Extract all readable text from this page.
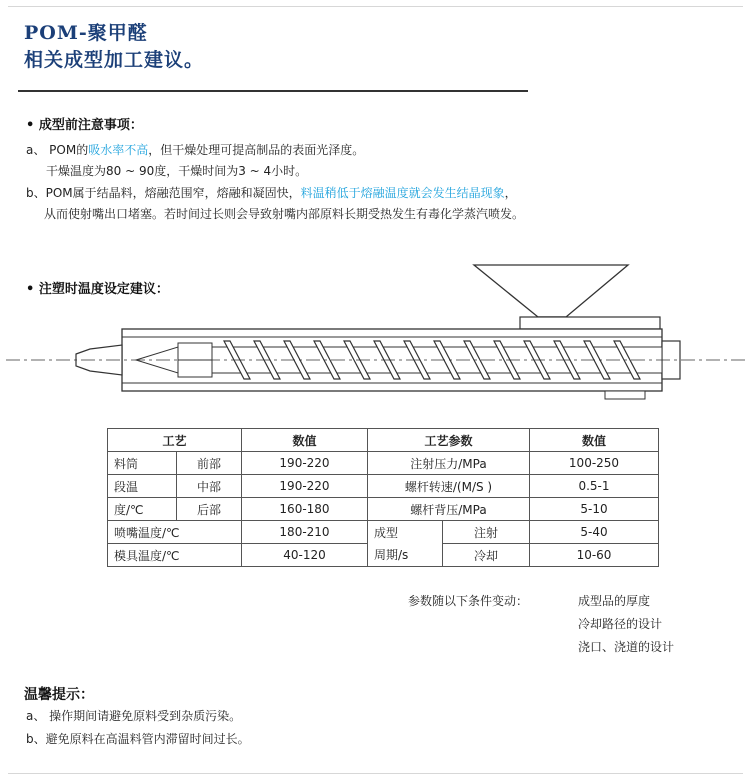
POM-聚甲醛
相关成型加工建议。
• 成型前注意事项：
a、 POM的吸水率不高，但干燥处理可提高制品的表面光泽度。
干燥温度为80 ~ 90度，干燥时间为3 ~ 4小时。
b、POM属于结晶料，熔融范围窄，熔融和凝固快，料温稍低于熔融温度就会发生结晶现象，
从而使射嘴出口堵塞。若时间过长则会导致射嘴内部原料长期受热发生有毒化学蒸汽喷发。
• 注塑时温度设定建议：
工艺		数值	工艺参数		数值
料筒	前部	190-220	注射压力/MPa		100-250
段温	中部	190-220	螺杆转速/(M/S )		0.5-1
度/℃	后部	160-180	螺杆背压/MPa		5-10
喷嘴温度/℃		180-210	成型	注射	5-40
模具温度/℃		40-120	周期/s	冷却	10-60
参数随以下条件变动：	成型品的厚度
冷却路径的设计
浇口、浇道的设计
温馨提示：
a、 操作期间请避免原料受到杂质污染。
b、避免原料在高温料管内滞留时间过长。
